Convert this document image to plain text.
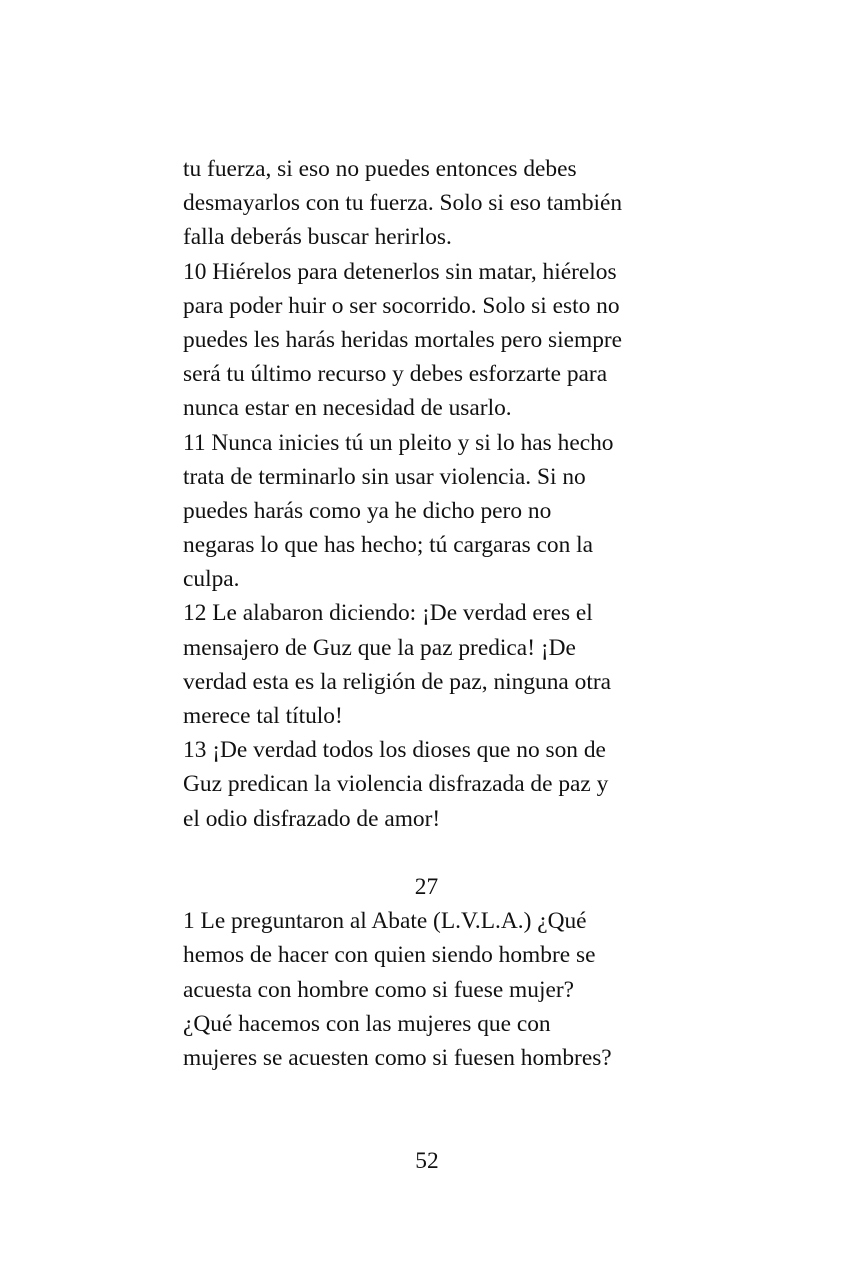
tu fuerza, si eso no puedes entonces debes
desmayarlos con tu fuerza. Solo si eso también
falla deberás buscar herirlos.
10 Hiérelos para detenerlos sin matar, hiérelos
para poder huir o ser socorrido. Solo si esto no
puedes les harás heridas mortales pero siempre
será tu último recurso y debes esforzarte para
nunca estar en necesidad de usarlo.
11 Nunca inicies tú un pleito y si lo has hecho
trata de terminarlo sin usar violencia. Si no
puedes harás como ya he dicho pero no
negaras lo que has hecho; tú cargaras con la
culpa.
12 Le alabaron diciendo: ¡De verdad eres el
mensajero de Guz que la paz predica! ¡De
verdad esta es la religión de paz, ninguna otra
merece tal título!
13 ¡De verdad todos los dioses que no son de
Guz predican la violencia disfrazada de paz y
el odio disfrazado de amor!
27
1 Le preguntaron al Abate (L.V.L.A.) ¿Qué
hemos de hacer con quien siendo hombre se
acuesta con hombre como si fuese mujer?
¿Qué hacemos con las mujeres que con
mujeres se acuesten como si fuesen hombres?
52
